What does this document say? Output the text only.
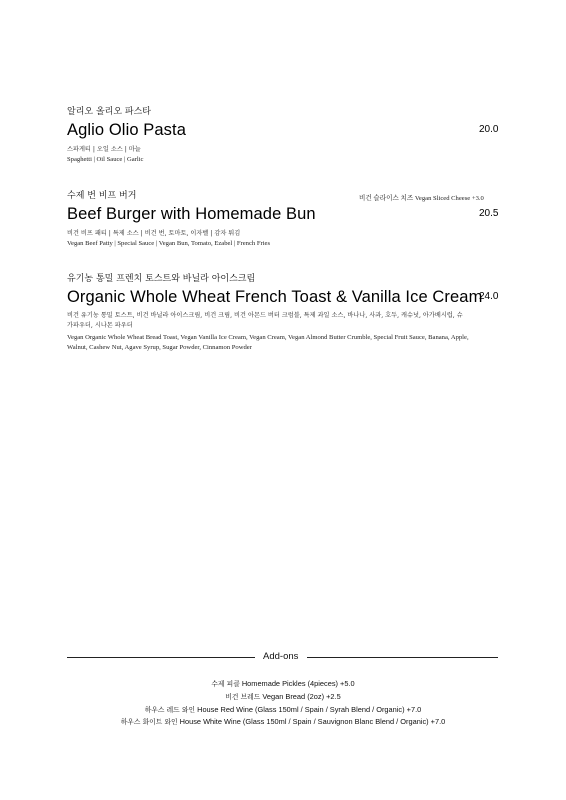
알리오 올리오 파스타
Aglio Olio Pasta	20.0
스파게티 | 오일 소스 | 마늘
Spaghetti | Oil Sauce | Garlic
수제 번 비프 버거	비건 슬라이스 치즈 Vegan Sliced Cheese +3.0
Beef Burger with Homemade Bun	20.5
비건 비프 패티 | 특제 소스 | 비건 번, 토마토, 이자벨 | 감자 튀김
Vegan Beef Patty | Special Sauce | Vegan Bun, Tomato, Ezabel | French Fries
유기농 통밀 프렌치 토스트와 바닐라 아이스크림
Organic Whole Wheat French Toast & Vanilla Ice Cream
24.0
비건 유기농 통밀 토스트, 비건 바닐라 아이스크림, 비건 크림, 비건 아몬드 버터 크럼블, 특제 과일 소스, 바나나, 사과, 호두, 캐슈넛, 아가베시럽, 슈가파우더, 시나몬 파우더
Vegan Organic Whole Wheat Bread Toast, Vegan Vanilla Ice Cream, Vegan Cream, Vegan Almond Butter Crumble, Special Fruit Sauce, Banana, Apple, Walnut, Cashew Nut, Agave Syrup, Sugar Powder, Cinnamon Powder
Add-ons
수제 피클 Homemade Pickles (4pieces) +5.0
비건 브레드 Vegan Bread (2oz) +2.5
하우스 레드 와인 House Red Wine (Glass 150ml / Spain / Syrah Blend / Organic) +7.0
하우스 화이트 와인 House White Wine (Glass 150ml / Spain / Sauvignon Blanc Blend / Organic) +7.0
